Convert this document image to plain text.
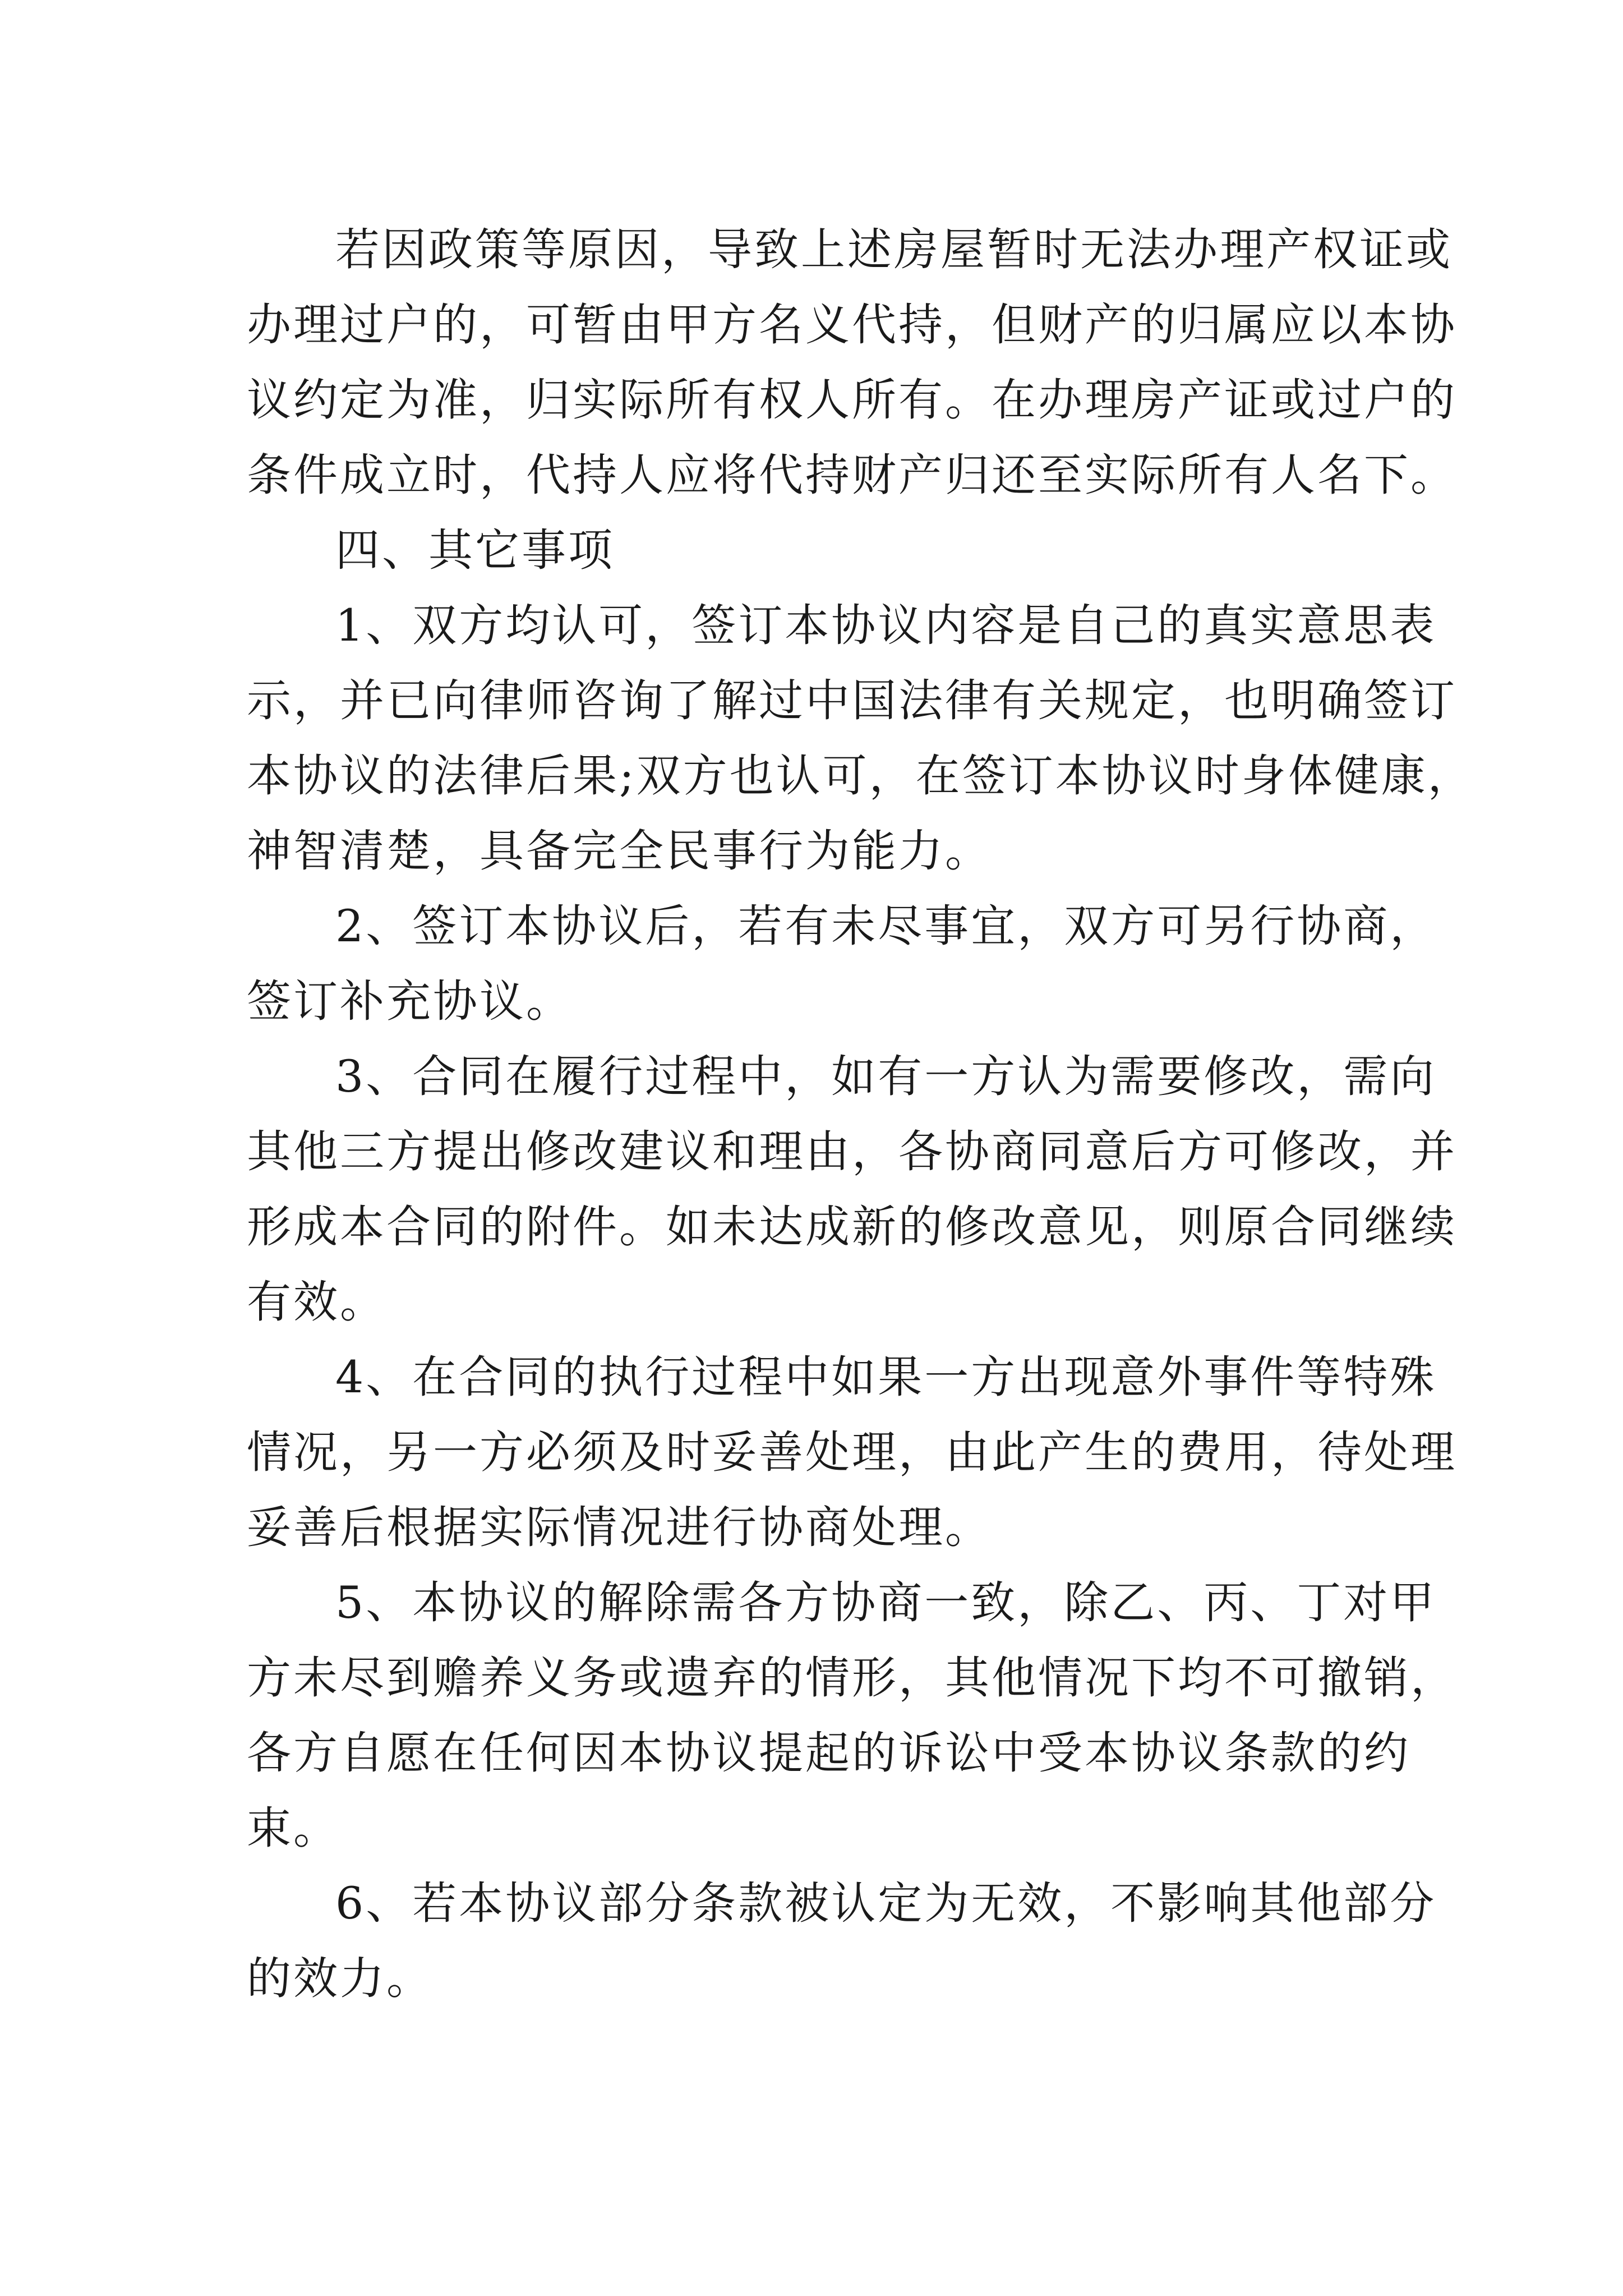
若因政策等原因，导致上述房屋暂时无法办理产权证或
办理过户的，可暂由甲方名义代持，但财产的归属应以本协
议约定为准，归实际所有权人所有。在办理房产证或过户的
条件成立时，代持人应将代持财产归还至实际所有人名下。
四、其它事项
1、双方均认可，签订本协议内容是自己的真实意思表
示，并已向律师咨询了解过中国法律有关规定，也明确签订
本协议的法律后果;双方也认可，在签订本协议时身体健康，
神智清楚，具备完全民事行为能力。
2、签订本协议后，若有未尽事宜，双方可另行协商，
签订补充协议。
3、合同在履行过程中，如有一方认为需要修改，需向
其他三方提出修改建议和理由，各协商同意后方可修改，并
形成本合同的附件。如未达成新的修改意见，则原合同继续
有效。
4、在合同的执行过程中如果一方出现意外事件等特殊
情况，另一方必须及时妥善处理，由此产生的费用，待处理
妥善后根据实际情况进行协商处理。
5、本协议的解除需各方协商一致，除乙、丙、丁对甲
方未尽到赡养义务或遗弃的情形，其他情况下均不可撤销，
各方自愿在任何因本协议提起的诉讼中受本协议条款的约
束。
6、若本协议部分条款被认定为无效，不影响其他部分
的效力。
